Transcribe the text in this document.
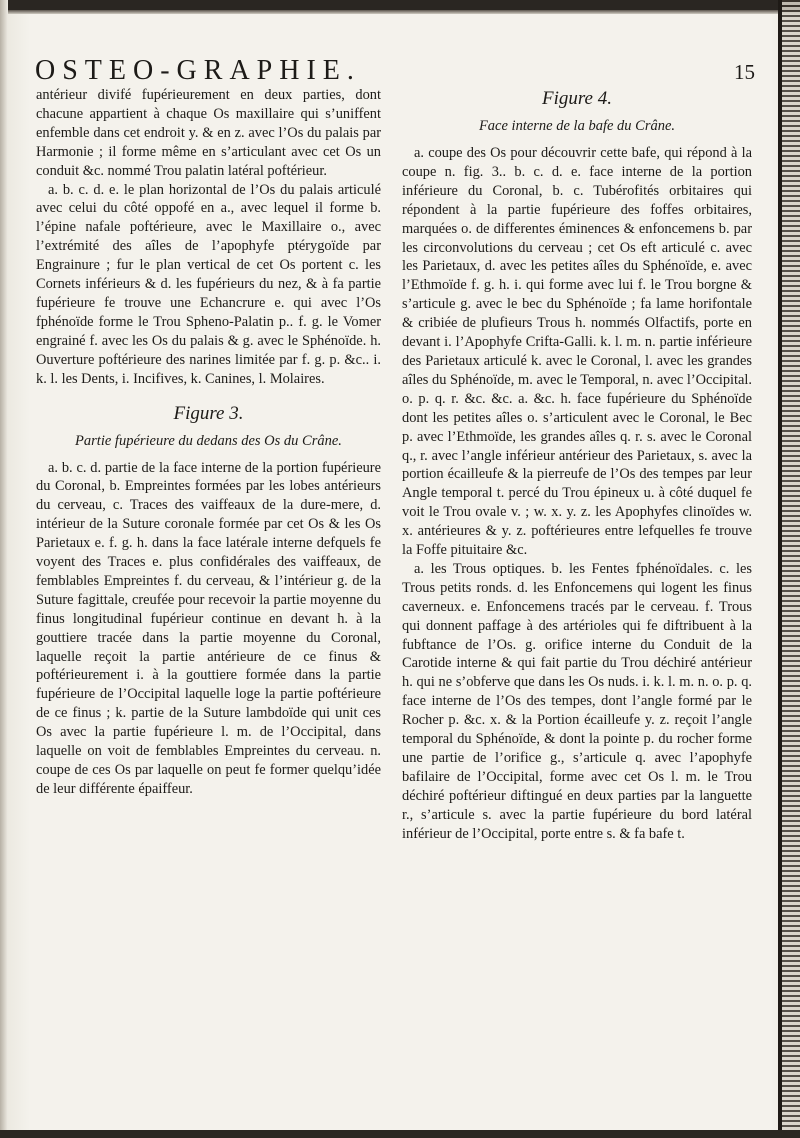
OSTEO-GRAPHIE.	15

antérieur divifé fupérieurement en deux parties, dont chacune appartient à chaque Os maxillaire qui s’uniffent enfemble dans cet endroit y. & en z. avec l’Os du palais par Harmonie ; il forme même en s’articulant avec cet Os un conduit &c. nommé Trou palatin latéral poftérieur.

a. b. c. d. e. le plan horizontal de l’Os du palais articulé avec celui du côté oppofé en a., avec lequel il forme b. l’épine nafale poftérieure, avec le Maxillaire o., avec l’extrémité des aîles de l’apophyfe ptérygoïde par Engrainure ; fur le plan vertical de cet Os portent c. les Cornets inférieurs & d. les fupérieurs du nez, & à fa partie fupérieure fe trouve une Echancrure e. qui avec l’Os fphénoïde forme le Trou Spheno-Palatin p.. f. g. le Vomer engrainé f. avec les Os du palais & g. avec le Sphénoïde. h. Ouverture poftérieure des narines limitée par f. g. p. &c.. i. k. l. les Dents, i. Incifives, k. Canines, l. Molaires.

Figure 3.
Partie fupérieure du dedans des Os du Crâne.

a. b. c. d. partie de la face interne de la portion fupérieure du Coronal, b. Empreintes formées par les lobes antérieurs du cerveau, c. Traces des vaiffeaux de la dure-mere, d. intérieur de la Suture coronale formée par cet Os & les Os Parietaux e. f. g. h. dans la face latérale interne defquels fe voyent des Traces e. plus confidérales des vaiffeaux, de femblables Empreintes f. du cerveau, & l’intérieur g. de la Suture fagittale, creufée pour recevoir la partie moyenne du finus longitudinal fupérieur continue en devant h. à la gouttiere tracée dans la partie moyenne du Coronal, laquelle reçoit la partie antérieure de ce finus & poftérieurement i. à la gouttiere formée dans la partie fupérieure de l’Occipital laquelle loge la partie poftérieure de ce finus ; k. partie de la Suture lambdoïde qui unit ces Os avec la partie fupérieure l. m. de l’Occipital, dans laquelle on voit de femblables Empreintes du cerveau. n. coupe de ces Os par laquelle on peut fe former quelqu’idée de leur différente épaiffeur.

Figure 4.
Face interne de la bafe du Crâne.

a. coupe des Os pour découvrir cette bafe, qui répond à la coupe n. fig. 3.. b. c. d. e. face interne de la portion inférieure du Coronal, b. c. Tubérofités orbitaires qui répondent à la partie fupérieure des foffes orbitaires, marquées o. de differentes éminences & enfoncemens b. par les circonvolutions du cerveau ; cet Os eft articulé c. avec les Parietaux, d. avec les petites aîles du Sphénoïde, e. avec l’Ethmoïde f. g. h. i. qui forme avec lui f. le Trou borgne & s’articule g. avec le bec du Sphénoïde ; fa lame horifontale & cribiée de plufieurs Trous h. nommés Olfactifs, porte en devant i. l’Apophyfe Crifta-Galli. k. l. m. n. partie inférieure des Parietaux articulé k. avec le Coronal, l. avec les grandes aîles du Sphénoïde, m. avec le Temporal, n. avec l’Occipital. o. p. q. r. &c. &c. a. &c. h. face fupérieure du Sphénoïde dont les petites aîles o. s’articulent avec le Coronal, le Bec p. avec l’Ethmoïde, les grandes aîles q. r. s. avec le Coronal q., r. avec l’angle inférieur antérieur des Parietaux, s. avec la portion écailleufe & la pierreufe de l’Os des tempes par leur Angle temporal t. percé du Trou épineux u. à côté duquel fe voit le Trou ovale v. ; w. x. y. z. les Apophyfes clinoïdes w. x. antérieures & y. z. poftérieures entre lefquelles fe trouve la Foffe pituitaire &c.

a. les Trous optiques. b. les Fentes fphénoïdales. c. les Trous petits ronds. d. les Enfoncemens qui logent les finus caverneux. e. Enfoncemens tracés par le cerveau. f. Trous qui donnent paffage à des artérioles qui fe diftribuent à la fubftance de l’Os. g. orifice interne du Conduit de la Carotide interne & qui fait partie du Trou déchiré antérieur h. qui ne s’obferve que dans les Os nuds. i. k. l. m. n. o. p. q. face interne de l’Os des tempes, dont l’angle formé par le Rocher p. &c. x. & la Portion écailleufe y. z. reçoit l’angle temporal du Sphénoïde, & dont la pointe p. du rocher forme une partie de l’orifice g., s’articule q. avec l’apophyfe bafilaire de l’Occipital, forme avec cet Os l. m. le Trou déchiré poftérieur diftingué en deux parties par la languette r., s’articule s. avec la partie fupérieure du bord latéral inférieur de l’Occipital, porte entre s. & fa bafe t.
